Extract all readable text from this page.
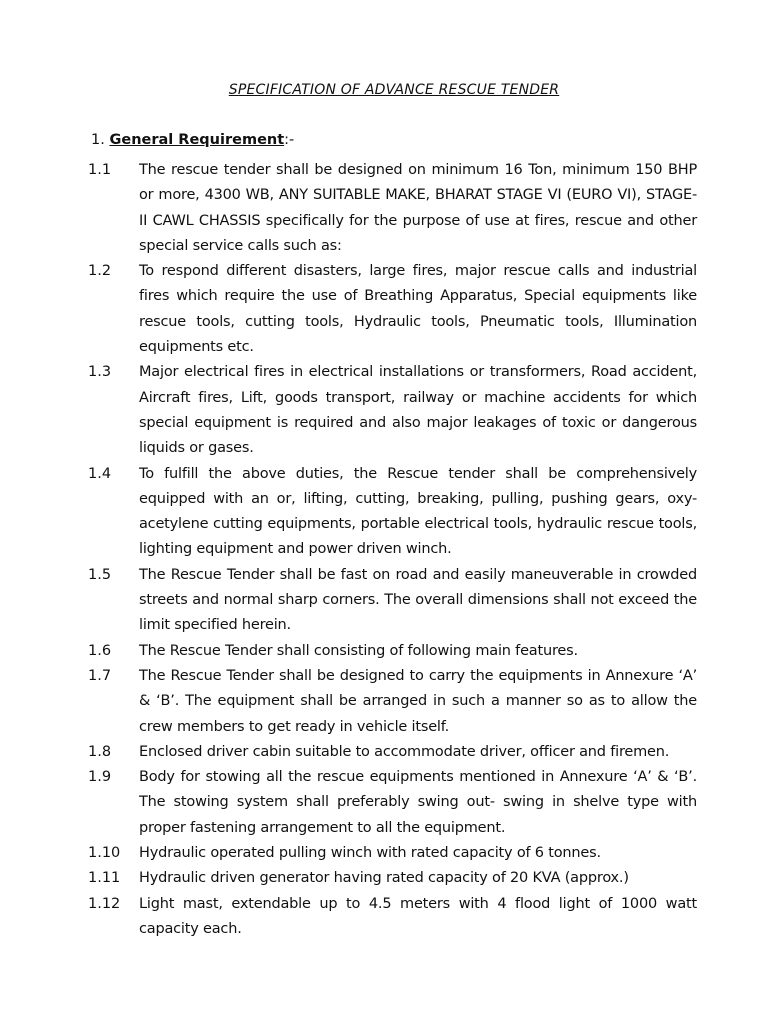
SPECIFICATION OF ADVANCE RESCUE TENDER
1. General Requirement:-
1.1 The rescue tender shall be designed on minimum 16 Ton, minimum 150 BHP or more, 4300 WB, ANY SUITABLE MAKE, BHARAT STAGE VI (EURO VI), STAGE-II CAWL CHASSIS specifically for the purpose of use at fires, rescue and other special service calls such as:
1.2 To respond different disasters, large fires, major rescue calls and industrial fires which require the use of Breathing Apparatus, Special equipments like rescue tools, cutting tools, Hydraulic tools, Pneumatic tools, Illumination equipments etc.
1.3 Major electrical fires in electrical installations or transformers, Road accident, Aircraft fires, Lift, goods transport, railway or machine accidents for which special equipment is required and also major leakages of toxic or dangerous liquids or gases.
1.4 To fulfill the above duties, the Rescue tender shall be comprehensively equipped with an or, lifting, cutting, breaking, pulling, pushing gears, oxy-acetylene cutting equipments, portable electrical tools, hydraulic rescue tools, lighting equipment and power driven winch.
1.5 The Rescue Tender shall be fast on road and easily maneuverable in crowded streets and normal sharp corners. The overall dimensions shall not exceed the limit specified herein.
1.6 The Rescue Tender shall consisting of following main features.
1.7 The Rescue Tender shall be designed to carry the equipments in Annexure ‘A’ & ‘B’. The equipment shall be arranged in such a manner so as to allow the crew members to get ready in vehicle itself.
1.8 Enclosed driver cabin suitable to accommodate driver, officer and firemen.
1.9 Body for stowing all the rescue equipments mentioned in Annexure ‘A’ & ‘B’. The stowing system shall preferably swing out- swing in shelve type with proper fastening arrangement to all the equipment.
1.10 Hydraulic operated pulling winch with rated capacity of 6 tonnes.
1.11 Hydraulic driven generator having rated capacity of 20 KVA (approx.)
1.12 Light mast, extendable up to 4.5 meters with 4 flood light of 1000 watt capacity each.
